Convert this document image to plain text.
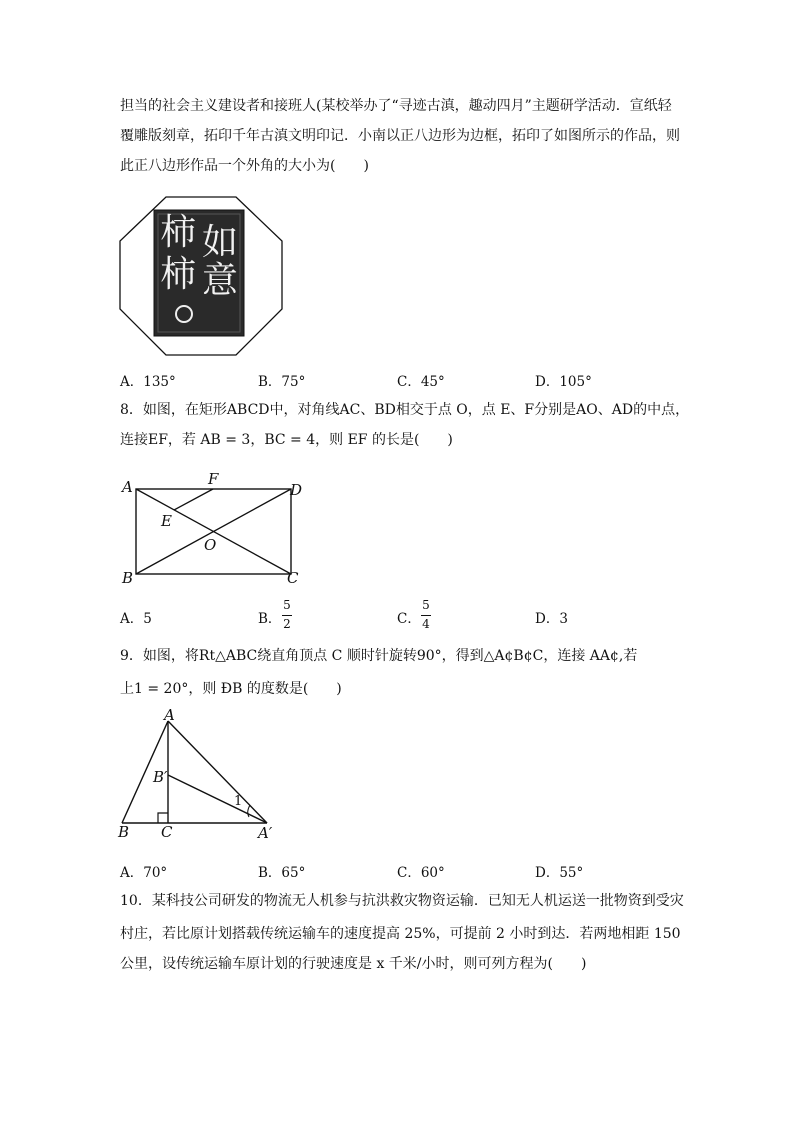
担当的社会主义建设者和接班人(某校举办了“寻迹古滇，趣动四月”主题研学活动．宣纸轻
覆雕版刻章，拓印千年古滇文明印记．小南以正八边形为边框，拓印了如图所示的作品，则
此正八边形作品一个外角的大小为(　　)
柿 如
柿 意
A．135°	B．75°	C．45°	D．105°
8．如图，在矩形ABCD中，对角线AC、BD相交于点 O，点 E、F分别是AO、AD的中点，
连接EF，若 AB = 3，BC = 4，则 EF 的长是(　　)
A	F
D
E
O
B	C
A．5	B．
5
2	C．
5
4	D．3
9．如图，将Rt△ABC绕直角顶点 C 顺时针旋转90°，得到△A¢B¢C，连接 AA¢,若
上1 = 20°，则 ÐB 的度数是(　　)
A
B′
1
B C	A′
A．70°	B．65°	C．60°	D．55°
10．某科技公司研发的物流无人机参与抗洪救灾物资运输．已知无人机运送一批物资到受灾
村庄，若比原计划搭载传统运输车的速度提高 25%，可提前 2 小时到达．若两地相距 150
公里，设传统运输车原计划的行驶速度是 x 千米/小时，则可列方程为(　　)
